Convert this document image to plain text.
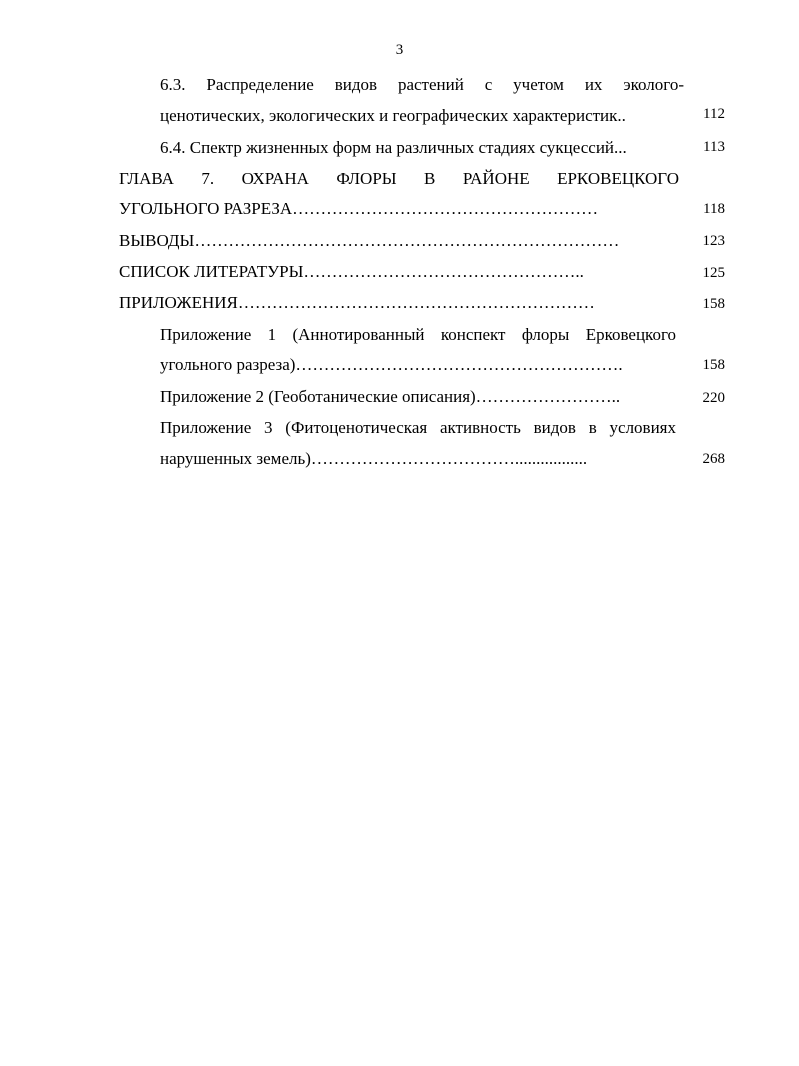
3
6.3. Распределение видов растений с учетом их эколого-
ценотических, экологических и географических характеристик..	112
6.4. Спектр жизненных форм на различных стадиях сукцессий...	113
ГЛАВА 7. ОХРАНА ФЛОРЫ В РАЙОНЕ ЕРКОВЕЦКОГО
УГОЛЬНОГО РАЗРЕЗА………………………………………………	118
ВЫВОДЫ…………………………………………………………………	123
СПИСОК ЛИТЕРАТУРЫ…………………………………………..	125
ПРИЛОЖЕНИЯ………………………………………………………	158
Приложение 1 (Аннотированный конспект флоры Ерковецкого
угольного разреза)………………………………………………….	158
Приложение 2 (Геоботанические описания)……………………..	220
Приложение 3 (Фитоценотическая активность видов в условиях
нарушенных земель)……………………………….................	268
